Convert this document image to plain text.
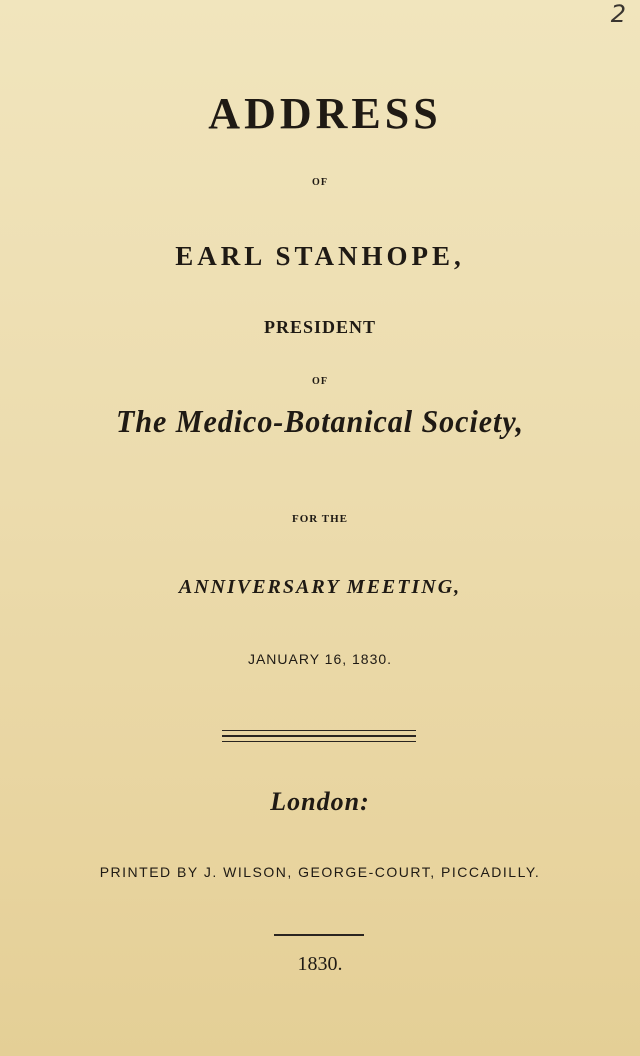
2
ADDRESS
OF
EARL STANHOPE,
PRESIDENT
OF
The Medico-Botanical Society,
FOR THE
ANNIVERSARY MEETING,
JANUARY 16, 1830.
London:
PRINTED BY J. WILSON, GEORGE-COURT, PICCADILLY.
1830.
